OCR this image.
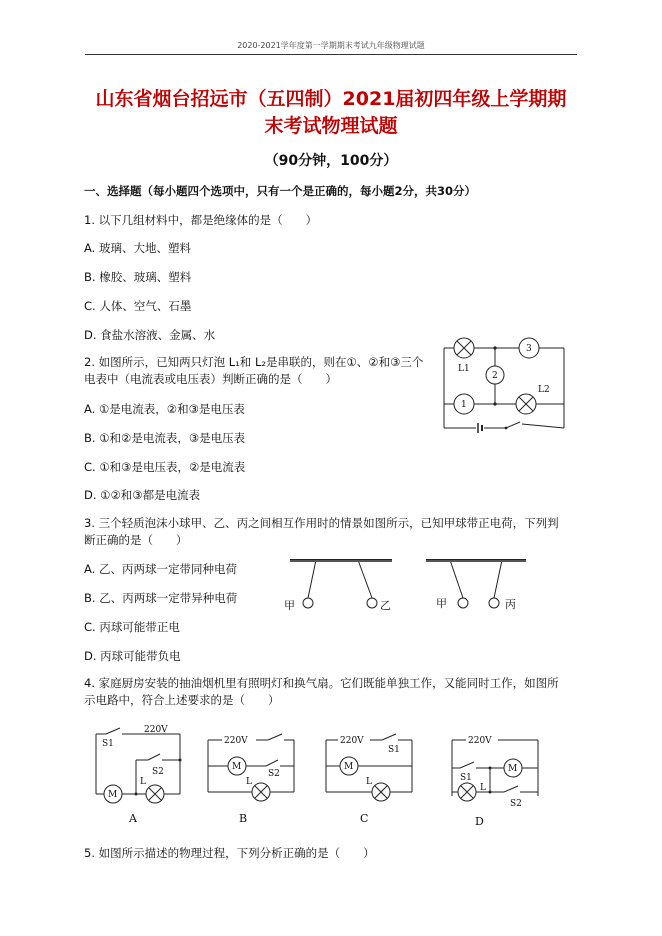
2020-2021学年度第一学期期末考试九年级物理试题
山东省烟台招远市（五四制）2021届初四年级上学期期
末考试物理试题
（90分钟，100分）
一、选择题（每小题四个选项中，只有一个是正确的，每小题2分，共30分）
1. 以下几组材料中，都是绝缘体的是（　　）
A. 玻璃、大地、塑料
B. 橡胶、玻璃、塑料
C. 人体、空气、石墨
D. 食盐水溶液、金属、水
2. 如图所示，已知两只灯泡 L₁和 L₂是串联的，则在①、②和③三个
电表中（电流表或电压表）判断正确的是（　　）
A. ①是电流表，②和③是电压表
B. ①和②是电流表，③是电压表
C. ①和③是电压表，②是电流表
D. ①②和③都是电流表
3
2
1
L1
L2
3. 三个轻质泡沫小球甲、乙、丙之间相互作用时的情景如图所示，已知甲球带正电荷，下列判
断正确的是（　　）
A. 乙、丙两球一定带同种电荷
B. 乙、丙两球一定带异种电荷
C. 丙球可能带正电
D. 丙球可能带负电
甲	乙	甲	丙
4. 家庭厨房安装的抽油烟机里有照明灯和换气扇。它们既能单独工作，又能同时工作，如图所
示电路中，符合上述要求的是（　　）
S1
220V
S2
L
M
A
220V
M
S2
L
B
220V
S1
M
L
C
220V
S1
M
L
S2
D
5. 如图所示描述的物理过程，下列分析正确的是（　　）
